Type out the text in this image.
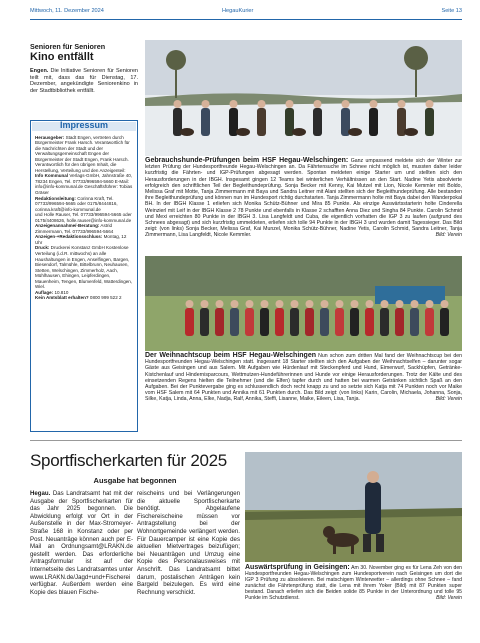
Mittwoch, 11. Dezember 2024	HegauKurier	Seite 13
Senioren für Senioren
Kino entfällt
Engen. Die Initiative Senioren für Senioren teilt mit, dass das für Dienstag, 17. Dezember, angekündigte Seniorenkino in der Stadtbibliothek entfällt.
Impressum

Herausgeber: Stadt Engen, vertreten durch Bürgermeister Frank Harsch. Verantwortlich für die Nachrichten der Stadt und der Verwaltungsgemeinschaft Engen der Bürgermeister der Stadt Engen, Frank Harsch.

Verantwortlich für den übrigen Inhalt, die Herstellung, Verteilung und den Anzeigenteil:

Info Kommunal Verlags-GmbH, Jahnstraße 40, 78234 Engen, Tel. 07733/996594-5660 E-Mail: info@info-kommunal.de Geschäftsführer: Tobias Gräser

Redaktionsleitung: Corinna Kraft, Tel. 07733/996594-5665 oder 0175/8444816, corinna.kraft@info-kommunal.de

und Holle Rauser, Tel. 07733/996594-5665 oder 0175/4408626, holle.rauser@info-kommunal.de

Anzeigenannahme/-Beratung: Astrid Zimmermann, Tel. 07733/996594-5664

Anzeigen-+Redaktionsschluss: Montag, 12 Uhr

Druck: Druckerei Konstanz GmbH Kostenlose Verteilung (i.d.R. mittwochs) an alle Haushaltungen in Engen, Anselfingen, Bargen, Biesendorf, Talmühle, Bittelbrunn, Neuhausen, Stetten, Welschingen, Zimmerholz, Aach, Mühlhausen, Ehingen, Leipferdingen, Mauenheim, Tengen, Blumenfeld, Watterdingen, Wiel.

Auflage: 10.810

Kein Amtsblatt erhalten? 0800 999 522 2

Gebrauchshunde-Prüfungen beim HSF Hegau-Welschingen: Ganz umpassend meldete sich der Winter zur letzten Prüfung der Hundesportfreunde Hegau-Welschingen an. Da Fährtensuche im Schnee nicht möglich ist, mussten daher leider kurzfristig die Fährten- und IGP-Prüfungen abgesagt werden. Spontan meldeten einige Starter um und stellten sich den Herausforderungen in der IBGH. Insgesamt gingen 12 Teams bei winterlichen Verhältnissen an den Start. Nadine Yetis absolvierte erfolgreich den schriftlichen Teil der Begleithundeprüfung. Sonja Becker mit Kenny, Kai Mutzel mit Lion, Nicole Kemmler mit Boldo, Melissa Graf mit Motte, Tanja Zimmermann mit Baya und Sandra Leitner mit Alani stellten sich der Begleithundeprüfung. Alle bestanden ihre Begleithundeprüfung und können nun im Hundesport richtig durchstarten. Tanja Zimmermann holte mit Baya dabei den Wanderpokal BH. In der IBGH Klasse 1 erliefen sich Monika Schütz-Bühner und Mira 85 Punkte. Als einzige Auswärtsstarterin holte Cinderella Weinzierl mit Leif in der IBGH Klasse 2 78 Punkte und ebenfalls in Klasse 2 schafften Anna Diez und Singha 84 Punkte. Carolin Schmid und Mexi erreichten 80 Punkte in der IBGH 3. Lisa Langfeldt und Cuba, die eigentlich vorhatten die IGP 3 zu laufen (aufgrund des Schnees abgesagt) und sich kurzfristig ummeldeten, erliefen sich tolle 94 Punkte in der IBGH 3 und wurden damit Tagessieger. Das Bild zeigt: (von links) Sonja Becker, Melissa Graf, Kai Munzel, Monika Schütz-Bühner, Nadine Yetis, Carolin Schmid, Sandra Leitner, Tanja Zimmermann, Lisa Langfeldt, Nicole Kemmler.	Bild: Verein
Der Weihnachtscup beim HSF Hegau-Welschingen Nun schon zum dritten Mal fand der Weihnachtscup bei den Hundesportfreunden Hegau-Welschingen statt. Insgesamt 18 Starter stellten sich den Aufgaben der Weihnachtselfen – darunter sogar Gäste aus Geisingen und aus Salem. Mit Aufgaben wie Hürdenlauf mit Steckenpferd und Hund, Eimerwurf, Sackhüpfen, Getränke-Kistchenlauf und Hindernisparcours, Wettmutzen-Hundeführerinnen und Hunde vor einige Herausforderungen. Trotz der Kälte und des einsetzenden Regens hielten die Teilnehmer (und die Elfen) tapfer durch und hatten bei warmen Getränken sichtlich Spaß an den Aufgaben. Bei der Punktevergabe ging es schlussendlich doch recht knapp zu und so setzte sich Katja mit 74 Punkten noch vor Maike vom HSF Salem mit 64 Punkten und Annika mit 61 Punkten durch. Das Bild zeigt: (von links) Karin, Carolin, Michaela, Johanna, Sonja, Silke, Katja, Linda, Anna, Elke, Nadja, Ralf, Annika, Steffi, Lisanne, Maike, Eileen, Lisa, Tanja.	Bild: Verein
Sportfischerkarten für 2025
Ausgabe hat begonnen
Hegau. Das Landratsamt hat mit der Ausgabe der Sportfischerkarten für das Jahr 2025 begonnen. Die Abwicklung erfolgt vor Ort in der Außenstelle in der Max-Stromeyer-Straße 168 in Konstanz oder per Post. Neuanträge können auch per E-Mail an Ordnungsamt@LRAKN.de gestellt werden. Das erforderliche Antragsformular ist auf der Internetseite des Landratsamtes unter www.LRAKN.de/Jagd+und+Fischerei verfügbar. Außerdem werden eine Kopie des blauen Fische-
reischeins und bei Verlängerungen die aktuelle Sportfischerkarte benötigt. Abgelaufene Fischereischeine müssen vor Antragstellung bei der Wohnortgemeinde verlängert werden. Für Dauercamper ist eine Kopie des aktuellen Mietvertrages beizufügen; bei Neuanträgen und Umzug eine Kopie des Personalausweises mit Anschrift. Das Landratsamt bittet darum, postalischen Anträgen kein Bargeld beizulegen. Es wird eine Rechnung verschickt.
Auswärtsprüfung in Geisingen: Am 30. November ging es für Lena Zeh von den Hundesportfreunden Hegau-Welschingen zum Hundesportverein nach Geisingen um dort die IGP 3 Prüfung zu absolvieren. Bei matschigem Winterwetter – allerdings ohne Schnee – fand zunächst die Fährtenprüfung statt, die Lena mit ihrem Yoker (Bild) mit 87 Punkten super bestand. Danach erliefen sich die Beiden solide 85 Punkte in der Unterordnung und tolle 95 Punkte im Schutzdienst.	Bild: Verein
